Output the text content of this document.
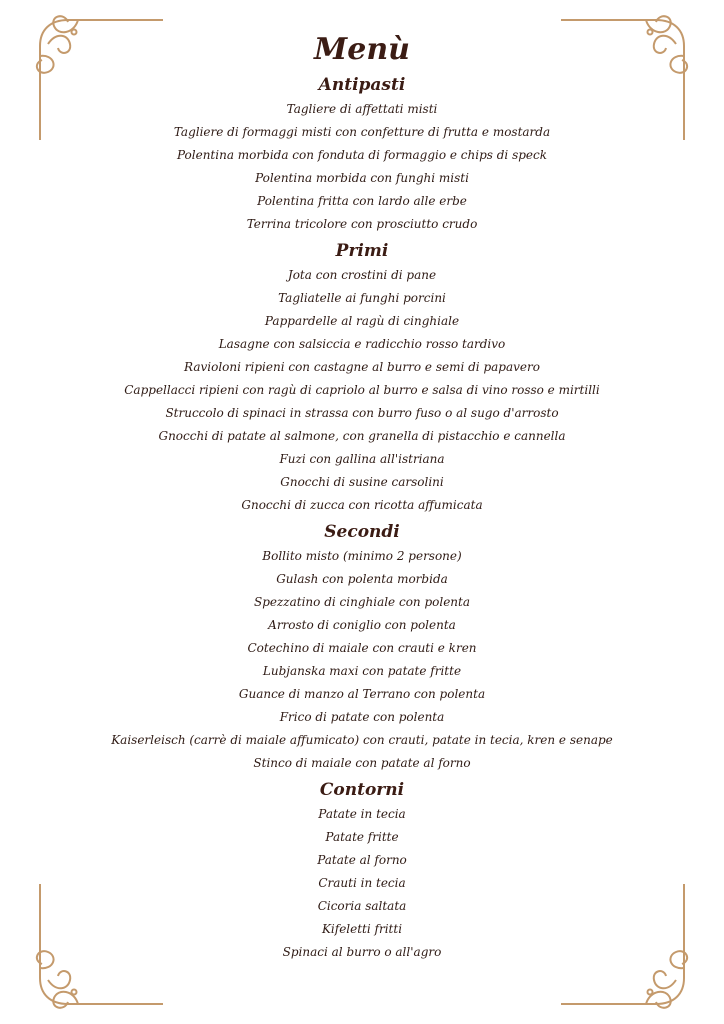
Menù
Antipasti
Tagliere di affettati misti
Tagliere di formaggi misti con confetture di frutta e mostarda
Polentina morbida con fonduta di formaggio e chips di speck
Polentina morbida con funghi misti
Polentina fritta con lardo alle erbe
Terrina tricolore con prosciutto crudo
Primi
Jota con crostini di pane
Tagliatelle ai funghi porcini
Pappardelle al ragù di cinghiale
Lasagne con salsiccia e radicchio rosso tardivo
Ravioloni ripieni con castagne al burro e semi di papavero
Cappellacci ripieni con ragù di capriolo al burro e salsa di vino rosso e mirtilli
Struccolo di spinaci in strassa con burro fuso o al sugo d'arrosto
Gnocchi di patate al salmone, con granella di pistacchio e cannella
Fuzi con gallina all'istriana
Gnocchi di susine carsolini
Gnocchi di zucca con ricotta affumicata
Secondi
Bollito misto (minimo 2 persone)
Gulash con polenta morbida
Spezzatino di cinghiale con polenta
Arrosto di coniglio con polenta
Cotechino di maiale con crauti e kren
Lubjanska maxi con patate fritte
Guance di manzo al Terrano con polenta
Frico di patate con polenta
Kaiserleisch (carrè di maiale affumicato) con crauti, patate in tecia, kren e senape
Stinco di maiale con patate al forno
Contorni
Patate in tecia
Patate fritte
Patate al forno
Crauti in tecia
Cicoria saltata
Kifeletti fritti
Spinaci al burro o all'agro
